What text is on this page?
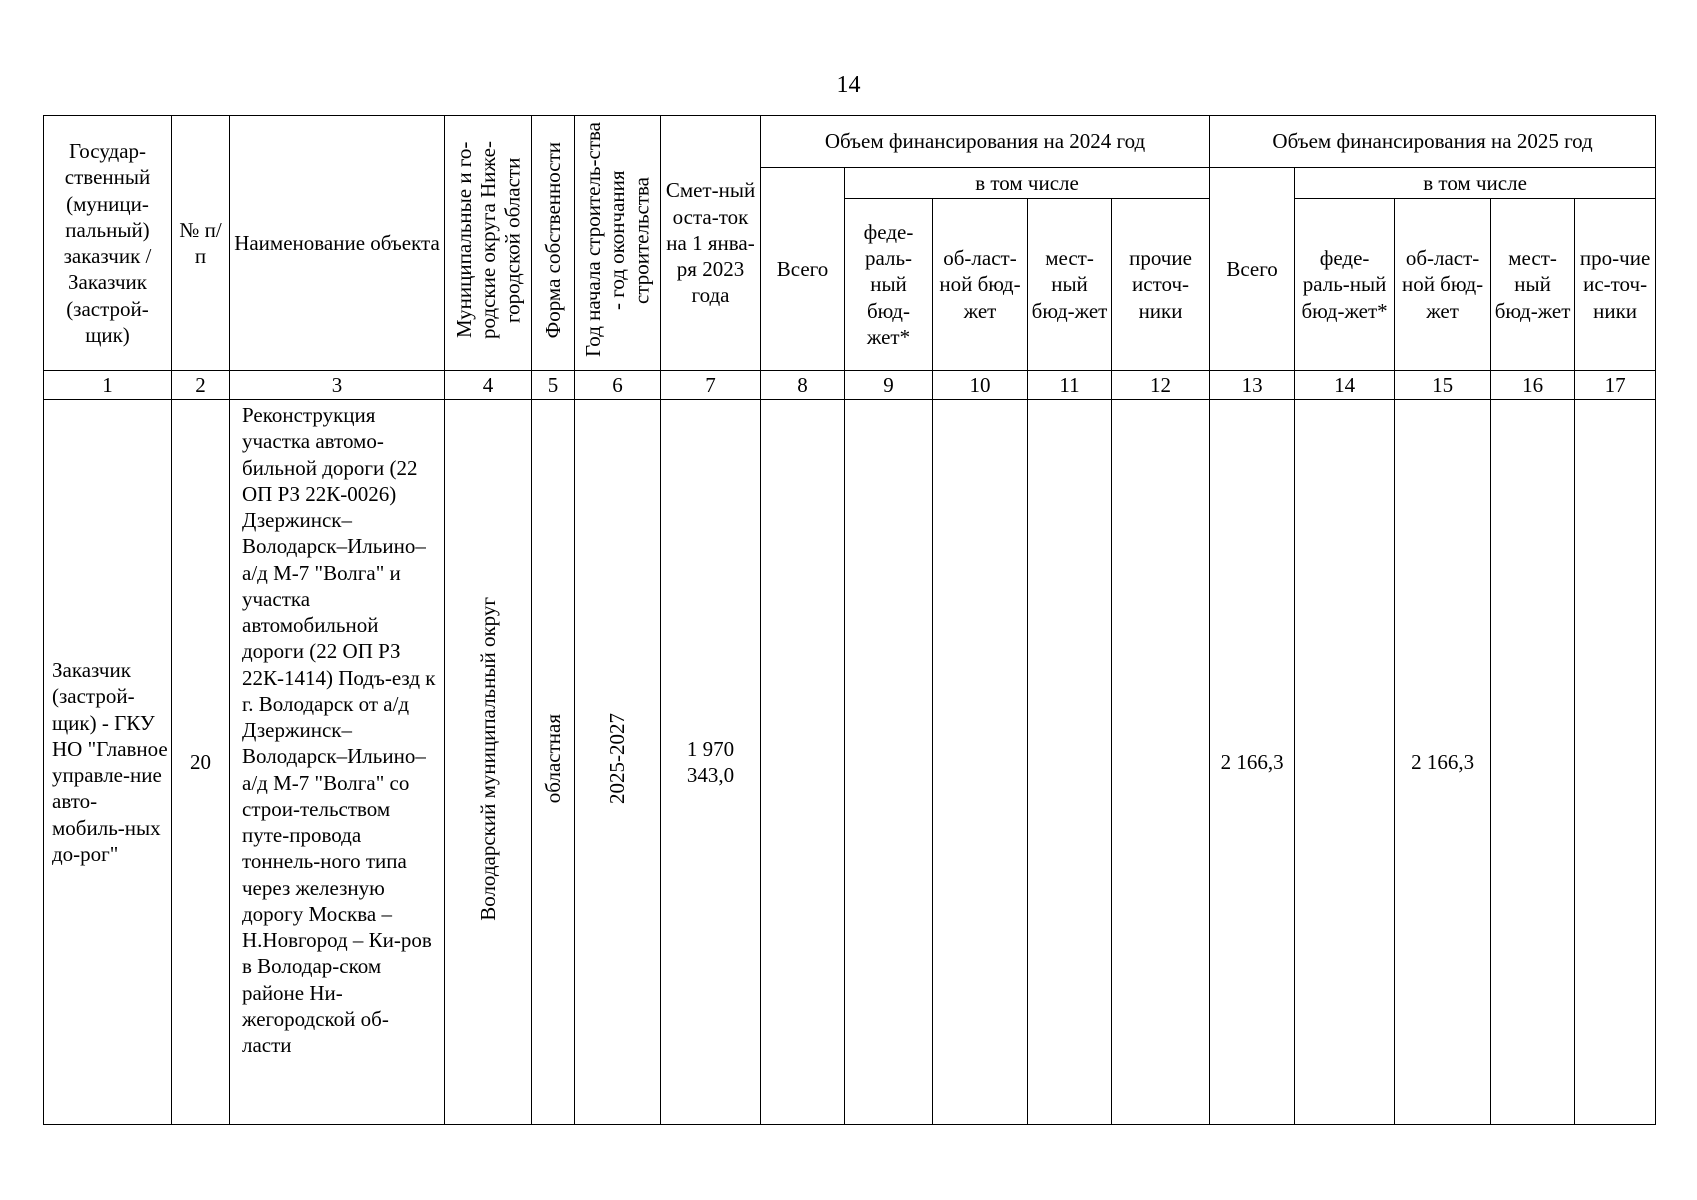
14
Государ-ственный (муници-пальный) заказчик / Заказчик (застрой-щик)	№ п/п	Наименование объекта	Муниципальные и го-родские округа Ниже-городской области	Форма собственности	Год начала строитель-ства - год окончания строительства	Смет-ный оста-ток на 1 янва-ря 2023 года	Объем финансирования на 2024 год					Объем финансирования на 2025 год				
							Всего	в том числе				Всего	в том числе			
								феде-раль-ный бюд-жет*	об-ласт-ной бюд-жет	мест-ный бюд-жет	прочие источ-ники		феде-раль-ный бюд-жет*	об-ласт-ной бюд-жет	мест-ный бюд-жет	про-чие ис-точ-ники
1	2	3	4	5	6	7	8	9	10	11	12	13	14	15	16	17
Заказчик (застрой-щик) - ГКУ НО "Главное управле-ние авто-мобиль-ных до-рог"	20	Реконструкция участка автомо-бильной дороги (22 ОП РЗ 22К-0026) Дзержинск–Володарск–Ильино–а/д М-7 "Волга" и участка автомобильной дороги (22 ОП РЗ 22К-1414) Подъ-езд к г. Володарск от а/д Дзержинск–Володарск–Ильино–а/д М-7 "Волга" со строи-тельством путе-провода тоннель-ного типа через железную дорогу Москва – Н.Новгород – Ки-ров в Володар-ском районе Ни-жегородской об-ласти	Володарский муниципальный округ	областная	2025-2027	1 970 343,0						2 166,3		2 166,3		
